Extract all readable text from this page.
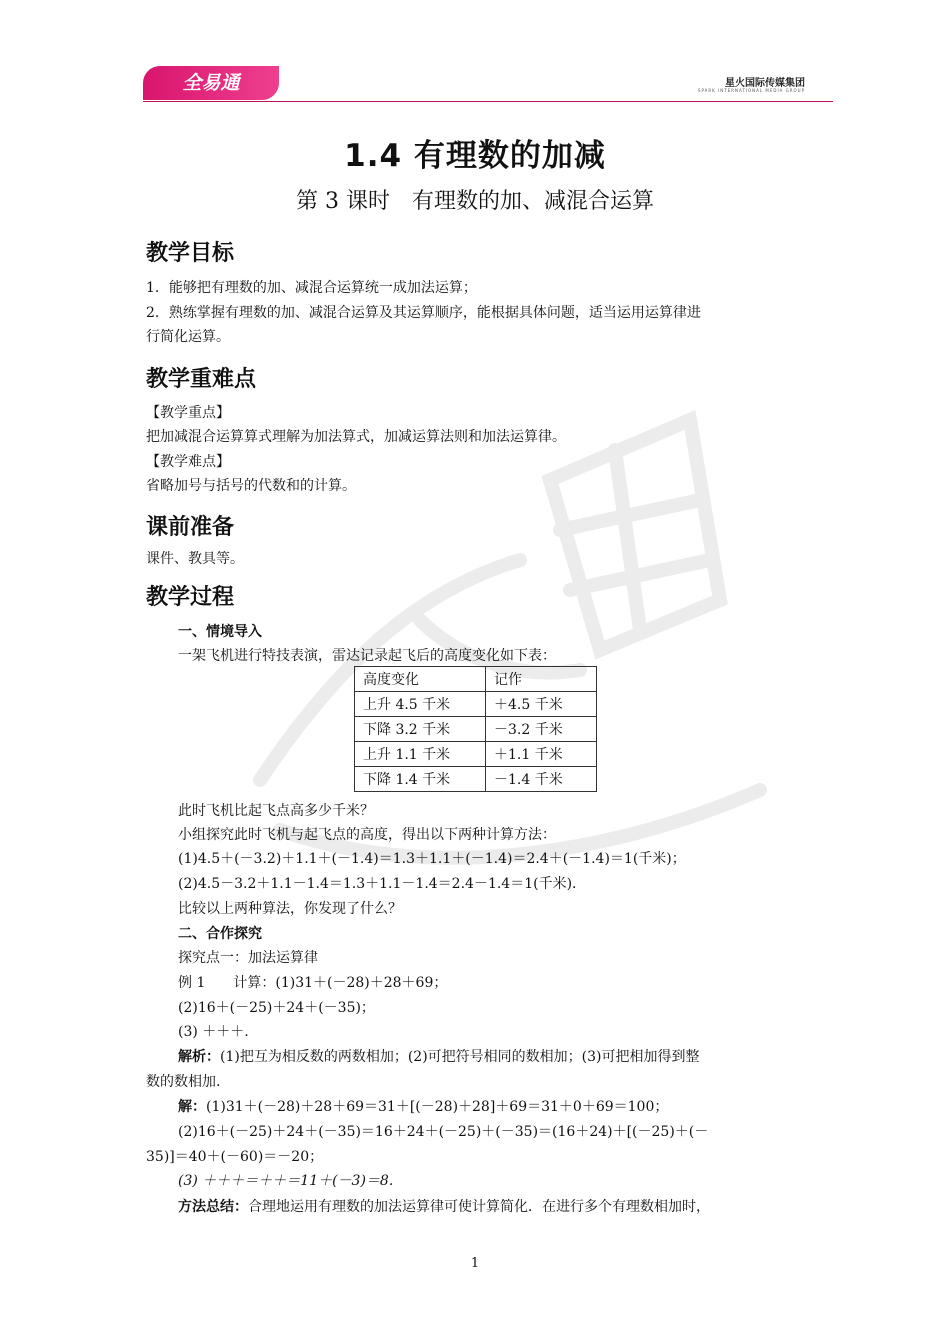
全易通	星火国际传媒集团
SPARK INTERNATIONAL MEDIA GROUP
1.4 有理数的加减
第 3 课时　有理数的加、减混合运算
教学目标
1．能够把有理数的加、减混合运算统一成加法运算；
2．熟练掌握有理数的加、减混合运算及其运算顺序，能根据具体问题，适当运用运算律进
行简化运算。
教学重难点
【教学重点】
把加减混合运算算式理解为加法算式，加减运算法则和加法运算律。
【教学难点】
省略加号与括号的代数和的计算。
课前准备
课件、教具等。
教学过程
一、情境导入
一架飞机进行特技表演，雷达记录起飞后的高度变化如下表：
高度变化	记作
上升 4.5 千米	＋4.5 千米
下降 3.2 千米	－3.2 千米
上升 1.1 千米	＋1.1 千米
下降 1.4 千米	－1.4 千米
此时飞机比起飞点高多少千米？
小组探究此时飞机与起飞点的高度，得出以下两种计算方法：
(1)4.5＋(－3.2)＋1.1＋(－1.4)＝1.3＋1.1＋(－1.4)＝2.4＋(－1.4)＝1(千米)；
(2)4.5－3.2＋1.1－1.4＝1.3＋1.1－1.4＝2.4－1.4＝1(千米)．
比较以上两种算法，你发现了什么？
二、合作探究
探究点一：加法运算律
例 1　　计算：(1)31＋(－28)＋28＋69；
(2)16＋(－25)＋24＋(－35)；
(3) ＋＋＋.
解析：(1)把互为相反数的两数相加；(2)可把符号相同的数相加；(3)可把相加得到整
数的数相加.
解：(1)31＋(－28)＋28＋69＝31＋[(－28)＋28]＋69＝31＋0＋69＝100；
(2)16＋(－25)＋24＋(－35)＝16＋24＋(－25)＋(－35)＝(16＋24)＋[(－25)＋(－
35)]＝40＋(－60)＝－20；
(3) ＋＋＋＝＋＋＝11＋(－3)＝8.
方法总结：合理地运用有理数的加法运算律可使计算简化．在进行多个有理数相加时，
1
